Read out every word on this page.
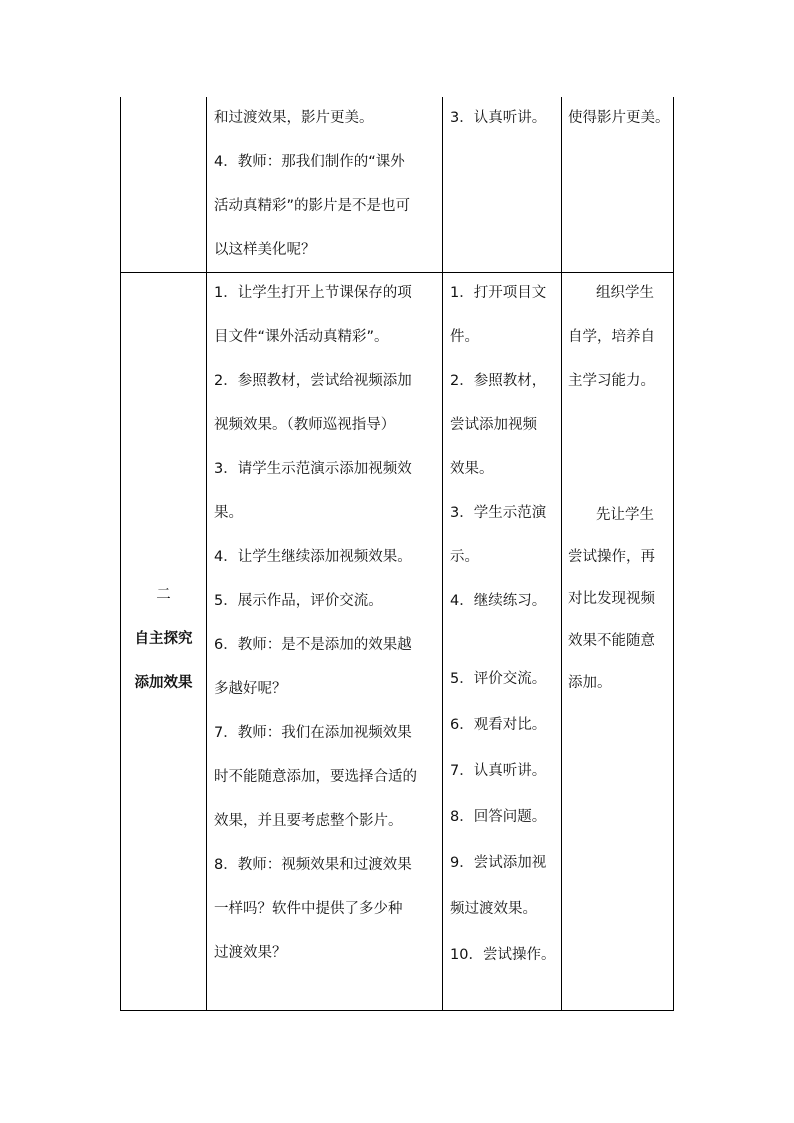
和过渡效果，影片更美。
4．教师：那我们制作的“课外
活动真精彩”的影片是不是也可
以这样美化呢？
3．认真听讲。	使得影片更美。
二
自主探究
添加效果
1．让学生打开上节课保存的项
目文件“课外活动真精彩”。
2．参照教材，尝试给视频添加
视频效果。（教师巡视指导）
3．请学生示范演示添加视频效
果。
4．让学生继续添加视频效果。
5．展示作品，评价交流。
6．教师：是不是添加的效果越
多越好呢？
7．教师：我们在添加视频效果
时不能随意添加，要选择合适的
效果，并且要考虑整个影片。
8．教师：视频效果和过渡效果
一样吗？软件中提供了多少种
过渡效果？
1．打开项目文
件。
2．参照教材，
尝试添加视频
效果。
3．学生示范演
示。
4．继续练习。
5．评价交流。
6．观看对比。
7．认真听讲。
8．回答问题。
9．尝试添加视
频过渡效果。
10．尝试操作。
组织学生
自学，培养自
主学习能力。
先让学生
尝试操作，再
对比发现视频
效果不能随意
添加。
